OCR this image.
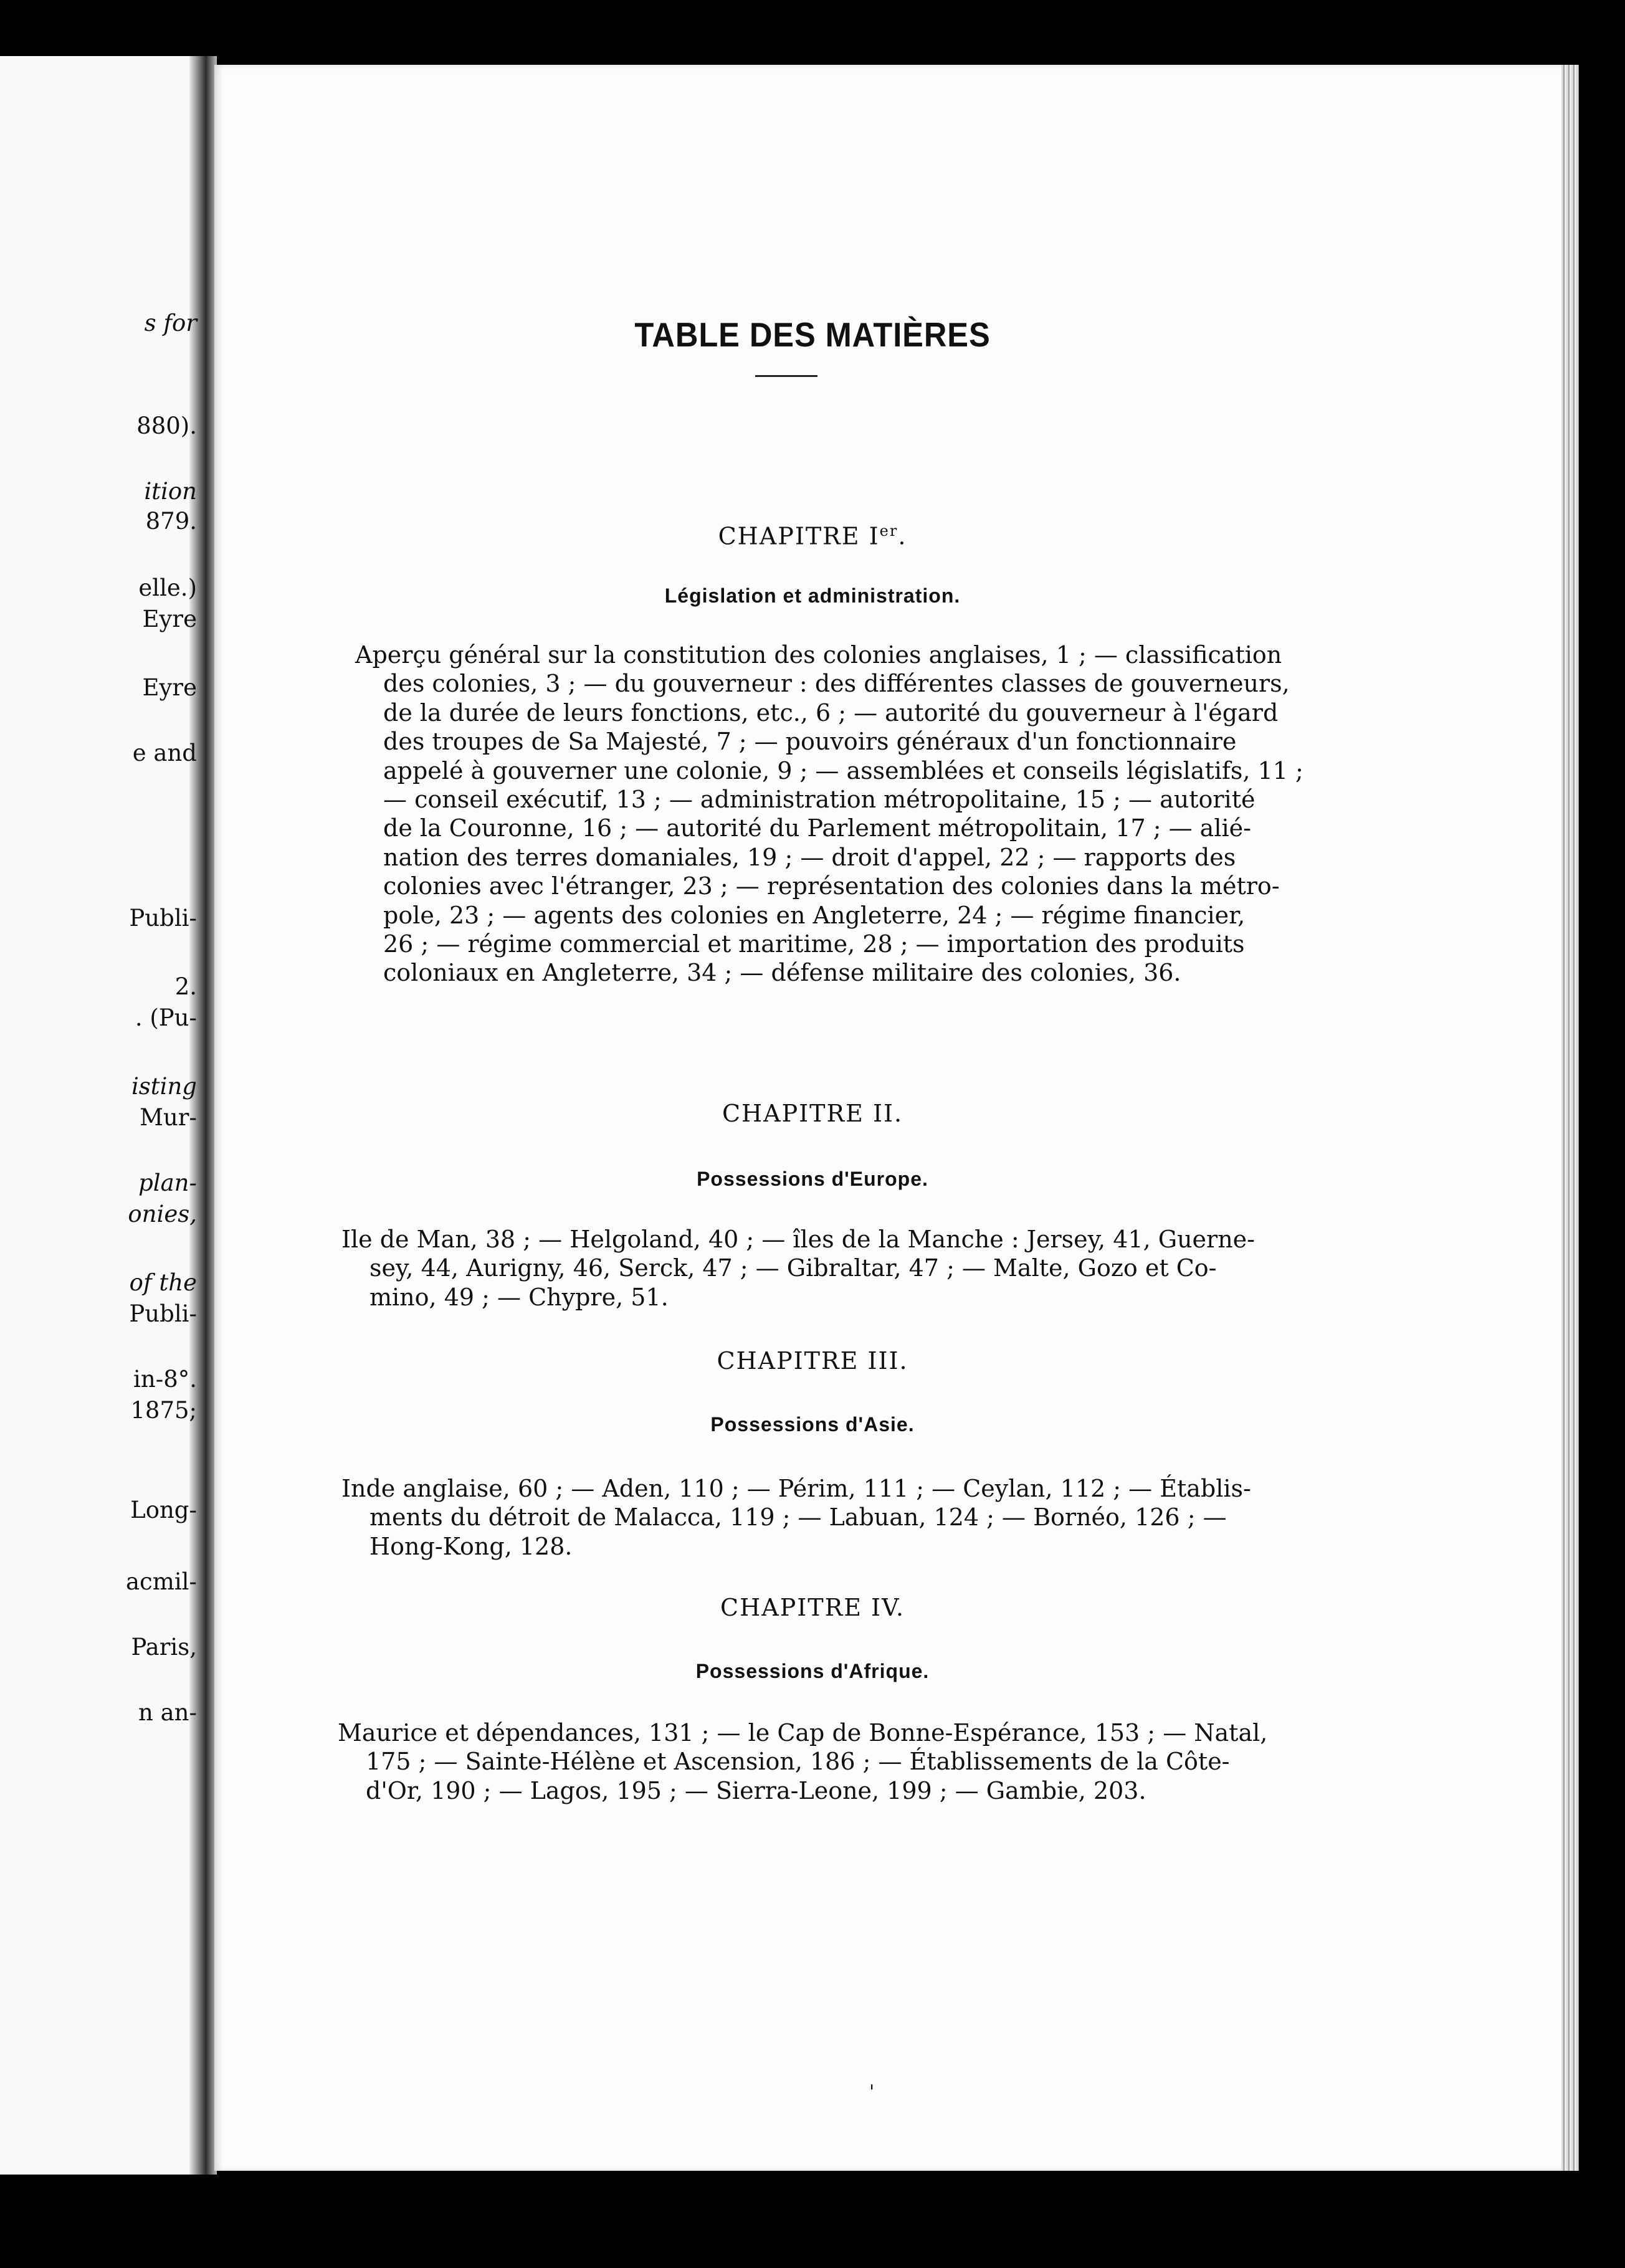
s for
880).
ition
879.
elle.)
Eyre
Eyre
e and
Publi-
2.
. (Pu-
isting
Mur-
plan-
onies,
of the
Publi-
in-8°.
1875;
Long-
acmil-
Paris,
n an-
TABLE DES MATIÈRES
CHAPITRE Ier.
Législation et administration.
Aperçu général sur la constitution des colonies anglaises, 1 ; — classification
des colonies, 3 ; — du gouverneur : des différentes classes de gouverneurs,
de la durée de leurs fonctions, etc., 6 ; — autorité du gouverneur à l'égard
des troupes de Sa Majesté, 7 ; — pouvoirs généraux d'un fonctionnaire
appelé à gouverner une colonie, 9 ; — assemblées et conseils législatifs, 11 ;
— conseil exécutif, 13 ; — administration métropolitaine, 15 ; — autorité
de la Couronne, 16 ; — autorité du Parlement métropolitain, 17 ; — alié-
nation des terres domaniales, 19 ; — droit d'appel, 22 ; — rapports des
colonies avec l'étranger, 23 ; — représentation des colonies dans la métro-
pole, 23 ; — agents des colonies en Angleterre, 24 ; — régime financier,
26 ; — régime commercial et maritime, 28 ; — importation des produits
coloniaux en Angleterre, 34 ; — défense militaire des colonies, 36.
CHAPITRE II.
Possessions d'Europe.
Ile de Man, 38 ; — Helgoland, 40 ; — îles de la Manche : Jersey, 41, Guerne-
sey, 44, Aurigny, 46, Serck, 47 ; — Gibraltar, 47 ; — Malte, Gozo et Co-
mino, 49 ; — Chypre, 51.
CHAPITRE III.
Possessions d'Asie.
Inde anglaise, 60 ; — Aden, 110 ; — Périm, 111 ; — Ceylan, 112 ; — Établis-
ments du détroit de Malacca, 119 ; — Labuan, 124 ; — Bornéo, 126 ; —
Hong-Kong, 128.
CHAPITRE IV.
Possessions d'Afrique.
Maurice et dépendances, 131 ; — le Cap de Bonne-Espérance, 153 ; — Natal,
175 ; — Sainte-Hélène et Ascension, 186 ; — Établissements de la Côte-
d'Or, 190 ; — Lagos, 195 ; — Sierra-Leone, 199 ; — Gambie, 203.
'
